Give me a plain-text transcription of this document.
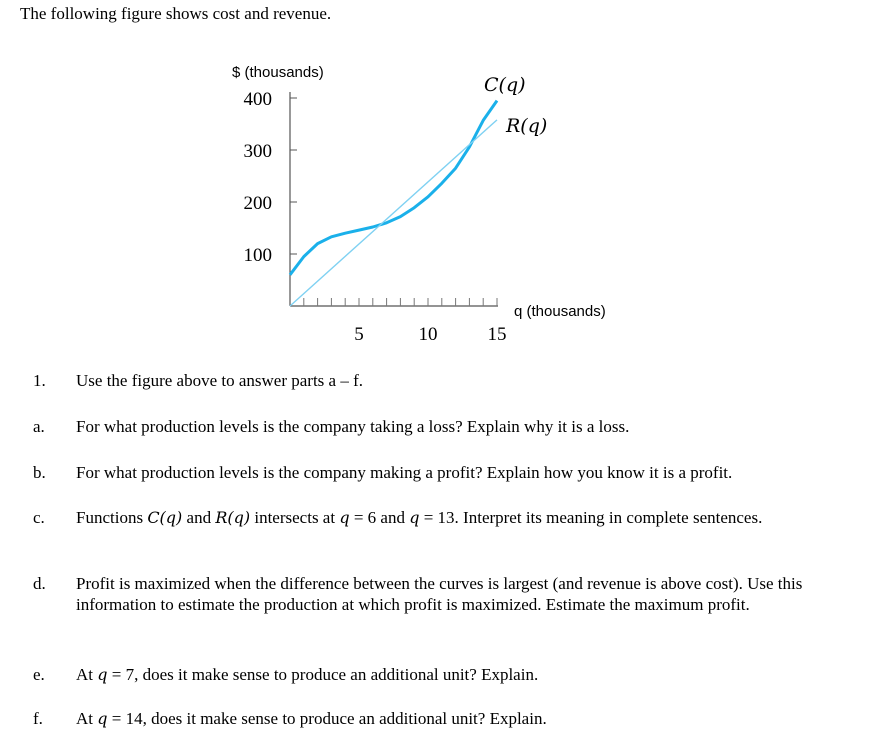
The following figure shows cost and revenue.
$ (thousands)
100
200
300
400
5	10	15
C(q)
R(q)
q (thousands)
1. Use the figure above to answer parts a – f.
a. For what production levels is the company taking a loss? Explain why it is a loss.
b. For what production levels is the company making a profit? Explain how you know it is a profit.
c. Functions C(q) and R(q) intersects at q = 6 and q = 13. Interpret its meaning in complete sentences.
d. Profit is maximized when the difference between the curves is largest (and revenue is above cost). Use this information to estimate the production at which profit is maximized. Estimate the maximum profit.
e. At q = 7, does it make sense to produce an additional unit? Explain.
f. At q = 14, does it make sense to produce an additional unit? Explain.
